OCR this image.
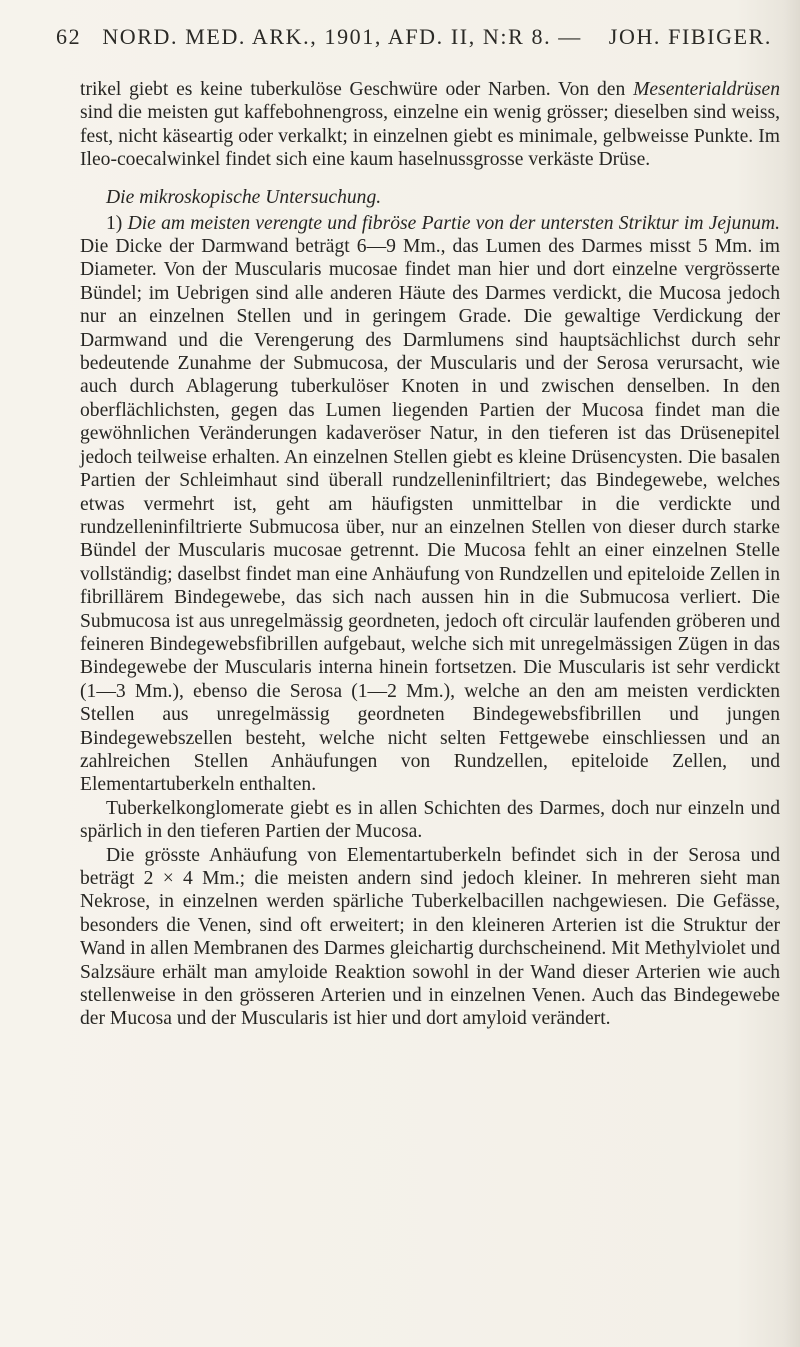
62 NORD. MED. ARK., 1901, AFD. II, N:R 8. — JOH. FIBIGER.

trikel giebt es keine tuberkulöse Geschwüre oder Narben. Von den Mesenterialdrüsen sind die meisten gut kaffebohnengross, einzelne ein wenig grösser; dieselben sind weiss, fest, nicht käseartig oder verkalkt; in einzelnen giebt es minimale, gelbweisse Punkte. Im Ileo-coecalwinkel findet sich eine kaum haselnussgrosse verkäste Drüse.

Die mikroskopische Untersuchung.

1) Die am meisten verengte und fibröse Partie von der untersten Striktur im Jejunum. Die Dicke der Darmwand beträgt 6—9 Mm., das Lumen des Darmes misst 5 Mm. im Diameter. Von der Muscularis mucosae findet man hier und dort einzelne vergrösserte Bündel; im Uebrigen sind alle anderen Häute des Darmes verdickt, die Mucosa jedoch nur an einzelnen Stellen und in geringem Grade. Die gewaltige Verdickung der Darmwand und die Verengerung des Darmlumens sind hauptsächlichst durch sehr bedeutende Zunahme der Submucosa, der Muscularis und der Serosa verursacht, wie auch durch Ablagerung tuberkulöser Knoten in und zwischen denselben. In den oberflächlichsten, gegen das Lumen liegenden Partien der Mucosa findet man die gewöhnlichen Veränderungen kadaveröser Natur, in den tieferen ist das Drüsenepitel jedoch teilweise erhalten. An einzelnen Stellen giebt es kleine Drüsencysten. Die basalen Partien der Schleimhaut sind überall rundzelleninfiltriert; das Bindegewebe, welches etwas vermehrt ist, geht am häufigsten unmittelbar in die verdickte und rundzelleninfiltrierte Submucosa über, nur an einzelnen Stellen von dieser durch starke Bündel der Muscularis mucosae getrennt. Die Mucosa fehlt an einer einzelnen Stelle vollständig; daselbst findet man eine Anhäufung von Rundzellen und epiteloide Zellen in fibrillärem Bindegewebe, das sich nach aussen hin in die Submucosa verliert. Die Submucosa ist aus unregelmässig geordneten, jedoch oft circulär laufenden gröberen und feineren Bindegewebsfibrillen aufgebaut, welche sich mit unregelmässigen Zügen in das Bindegewebe der Muscularis interna hinein fortsetzen. Die Muscularis ist sehr verdickt (1—3 Mm.), ebenso die Serosa (1—2 Mm.), welche an den am meisten verdickten Stellen aus unregelmässig geordneten Bindegewebsfibrillen und jungen Bindegewebszellen besteht, welche nicht selten Fettgewebe einschliessen und an zahlreichen Stellen Anhäufungen von Rundzellen, epiteloide Zellen, und Elementartuberkeln enthalten.

Tuberkelkonglomerate giebt es in allen Schichten des Darmes, doch nur einzeln und spärlich in den tieferen Partien der Mucosa.

Die grösste Anhäufung von Elementartuberkeln befindet sich in der Serosa und beträgt 2 × 4 Mm.; die meisten andern sind jedoch kleiner. In mehreren sieht man Nekrose, in einzelnen werden spärliche Tuberkelbacillen nachgewiesen. Die Gefässe, besonders die Venen, sind oft erweitert; in den kleineren Arterien ist die Struktur der Wand in allen Membranen des Darmes gleichartig durchscheinend. Mit Methylviolet und Salzsäure erhält man amyloide Reaktion sowohl in der Wand dieser Arterien wie auch stellenweise in den grösseren Arterien und in einzelnen Venen. Auch das Bindegewebe der Mucosa und der Muscularis ist hier und dort amyloid verändert.
